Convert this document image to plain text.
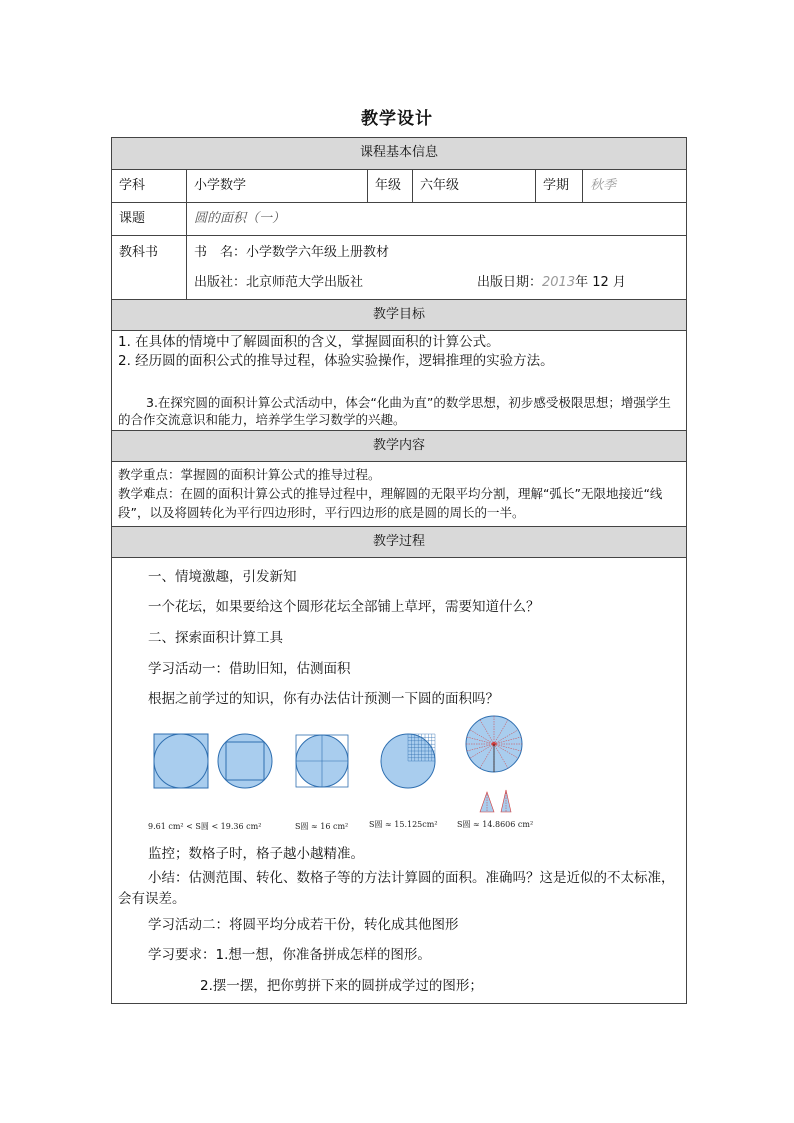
教学设计
课程基本信息
学科	小学数学	年级	六年级	学期	秋季
课题	圆的面积（一）
教科书	书　名：小学数学六年级上册教材
出版社：北京师范大学出版社	出版日期：2013年 12 月
教学目标
1. 在具体的情境中了解圆面积的含义，掌握圆面积的计算公式。
2. 经历圆的面积公式的推导过程，体验实验操作，逻辑推理的实验方法。
3.在探究圆的面积计算公式活动中，体会“化曲为直”的数学思想，初步感受极限思想；增强学生的合作交流意识和能力，培养学生学习数学的兴趣。
教学内容
教学重点：掌握圆的面积计算公式的推导过程。
教学难点：在圆的面积计算公式的推导过程中，理解圆的无限平均分割，理解“弧长”无限地接近“线段”，以及将圆转化为平行四边形时，平行四边形的底是圆的周长的一半。
教学过程
一、情境激趣，引发新知
一个花坛，如果要给这个圆形花坛全部铺上草坪，需要知道什么？
二、探索面积计算工具
学习活动一：借助旧知，估测面积
根据之前学过的知识，你有办法估计预测一下圆的面积吗？
9.61 cm² < S圆 < 19.36 cm²	S圆 ≈ 16 cm²	S圆 ≈ 15.125cm² S圆 ≈ 14.8606 cm²
监控；数格子时，格子越小越精准。
小结：估测范围、转化、数格子等的方法计算圆的面积。准确吗？这是近似的不太标准，会有误差。
学习活动二：将圆平均分成若干份，转化成其他图形
学习要求：1.想一想，你准备拼成怎样的图形。
2.摆一摆，把你剪拼下来的圆拼成学过的图形；
